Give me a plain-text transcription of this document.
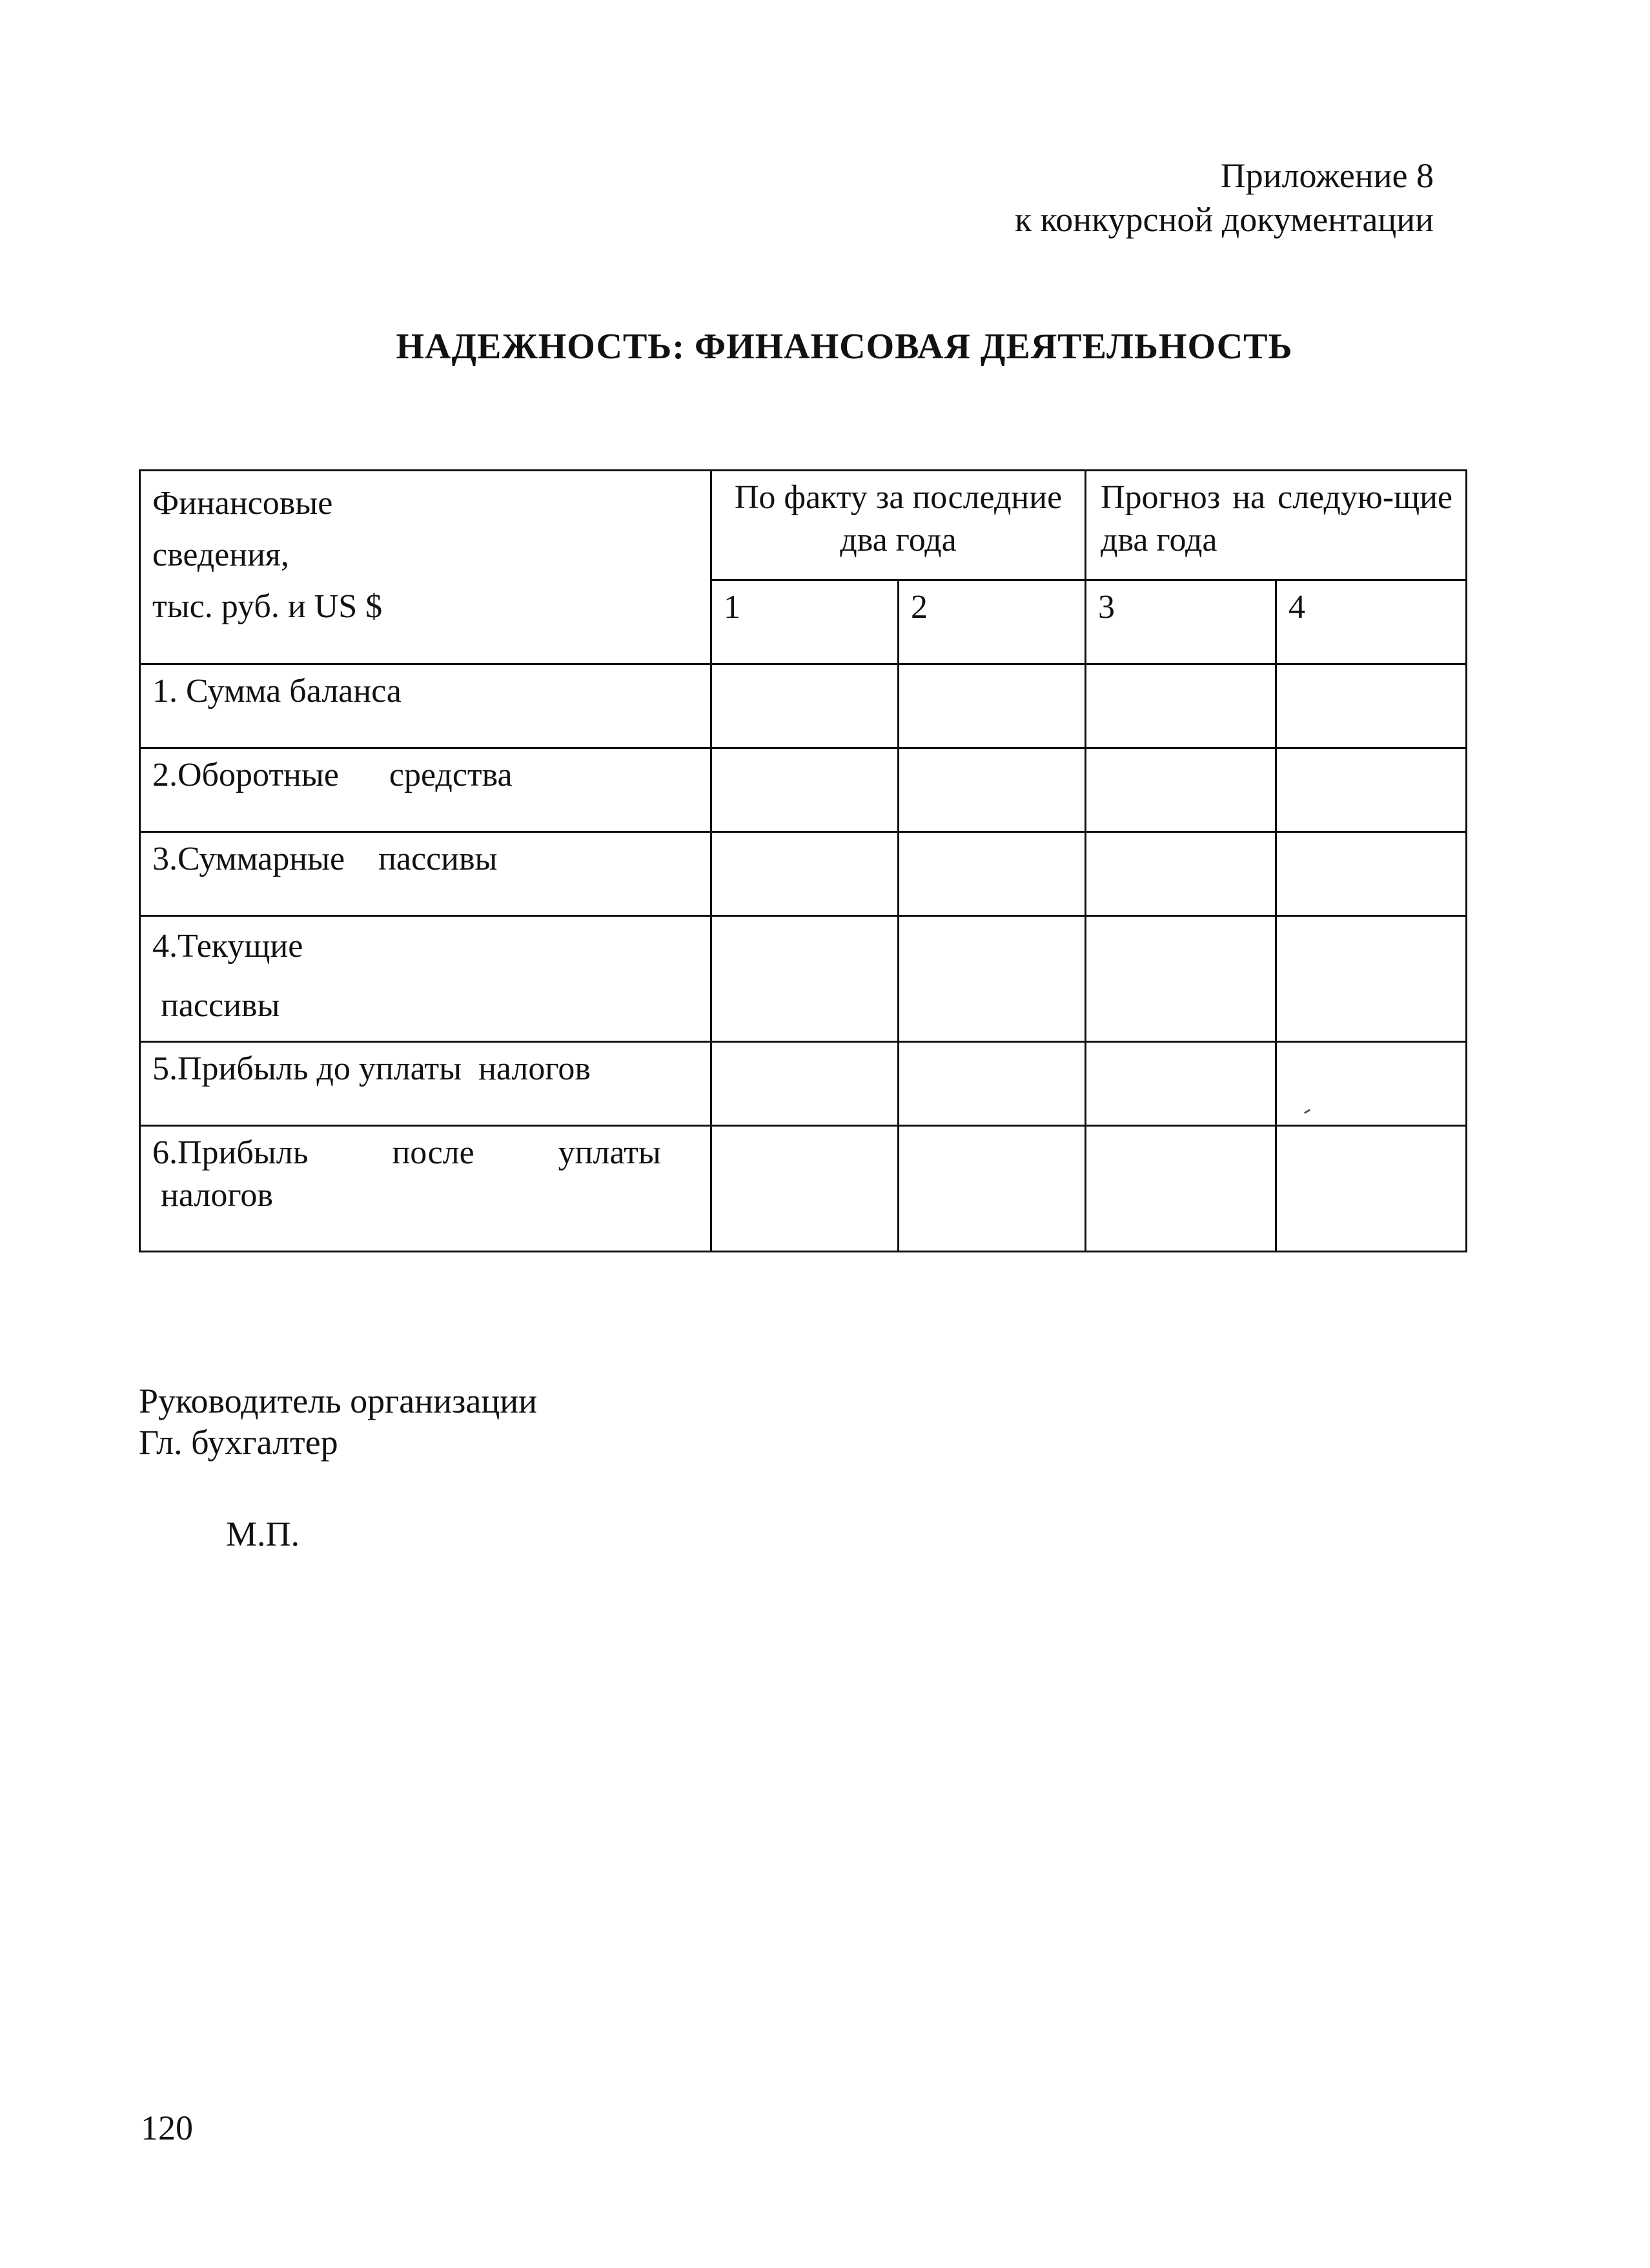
Приложение 8
к конкурсной документации
НАДЕЖНОСТЬ: ФИНАНСОВАЯ ДЕЯТЕЛЬНОСТЬ
Финансовые
сведения,
тыс. руб. и US $	По факту за последние два года		Прогноз на следую-щие два года	
	1	2	3	4
1. Сумма баланса				
2.Оборотные      средства				
3.Суммарные    пассивы				
4.Текущие
пассивы				
5.Прибыль до уплаты  налогов				
6.Прибыль          после          уплаты
налогов				
Руководитель организации
Гл. бухгалтер
М.П.
120
